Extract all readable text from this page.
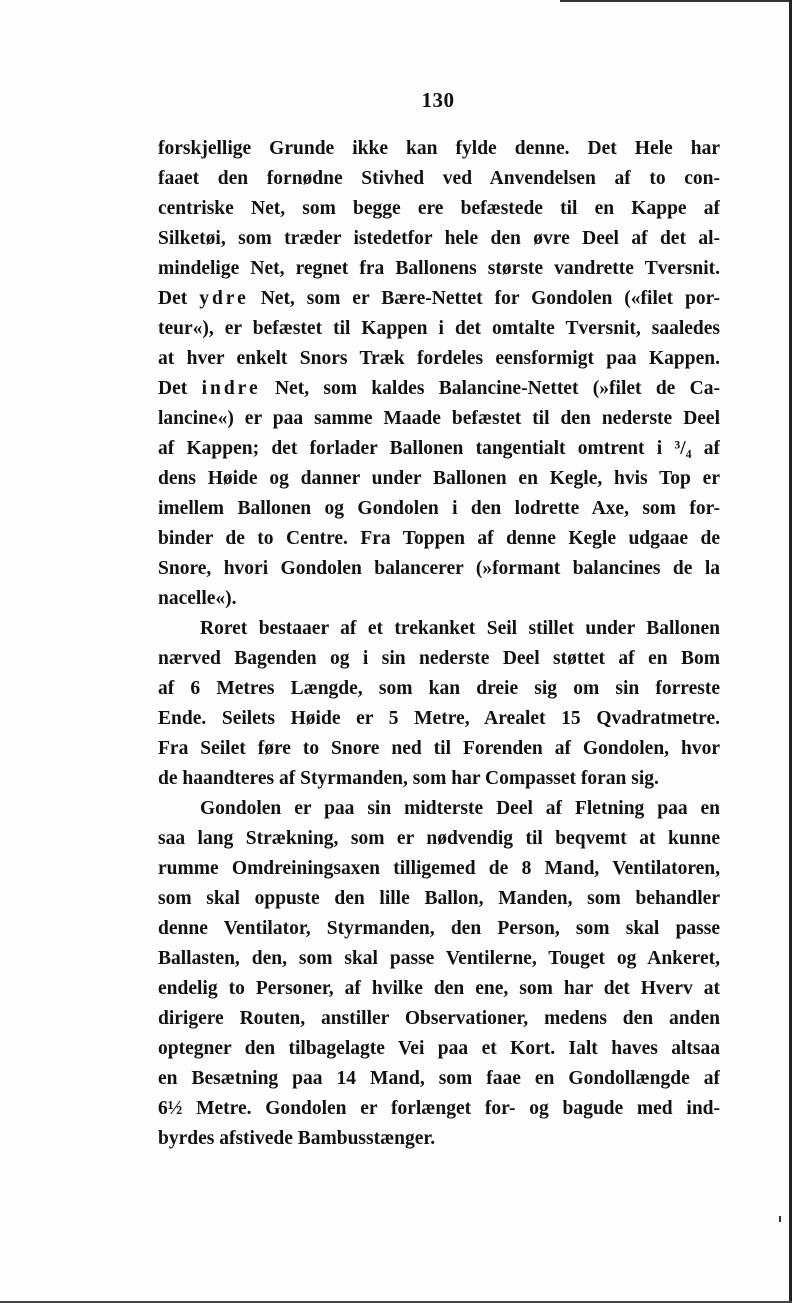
130
forskjellige Grunde ikke kan fylde denne. Det Hele har
faaet den fornødne Stivhed ved Anvendelsen af to con-
centriske Net, som begge ere befæstede til en Kappe af
Silketøi, som træder istedetfor hele den øvre Deel af det al-
mindelige Net, regnet fra Ballonens største vandrette Tversnit.
Det ydre Net, som er Bære-Nettet for Gondolen («filet por-
teur«), er befæstet til Kappen i det omtalte Tversnit, saaledes
at hver enkelt Snors Træk fordeles eensformigt paa Kappen.
Det indre Net, som kaldes Balancine-Nettet (»filet de Ca-
lancine«) er paa samme Maade befæstet til den nederste Deel
af Kappen; det forlader Ballonen tangentialt omtrent i ³/₄ af
dens Høide og danner under Ballonen en Kegle, hvis Top er
imellem Ballonen og Gondolen i den lodrette Axe, som for-
binder de to Centre. Fra Toppen af denne Kegle udgaae de
Snore, hvori Gondolen balancerer (»formant balancines de la
nacelle«).
Roret bestaaer af et trekanket Seil stillet under Ballonen
nærved Bagenden og i sin nederste Deel støttet af en Bom
af 6 Metres Længde, som kan dreie sig om sin forreste
Ende. Seilets Høide er 5 Metre, Arealet 15 Qvadratmetre.
Fra Seilet føre to Snore ned til Forenden af Gondolen, hvor
de haandteres af Styrmanden, som har Compasset foran sig.
Gondolen er paa sin midterste Deel af Fletning paa en
saa lang Strækning, som er nødvendig til beqvemt at kunne
rumme Omdreiningsaxen tilligemed de 8 Mand, Ventilatoren,
som skal oppuste den lille Ballon, Manden, som behandler
denne Ventilator, Styrmanden, den Person, som skal passe
Ballasten, den, som skal passe Ventilerne, Touget og Ankeret,
endelig to Personer, af hvilke den ene, som har det Hverv at
dirigere Routen, anstiller Observationer, medens den anden
optegner den tilbagelagte Vei paa et Kort. Ialt haves altsaa
en Besætning paa 14 Mand, som faae en Gondollængde af
6½ Metre. Gondolen er forlænget for- og bagude med ind-
byrdes afstivede Bambusstænger.
